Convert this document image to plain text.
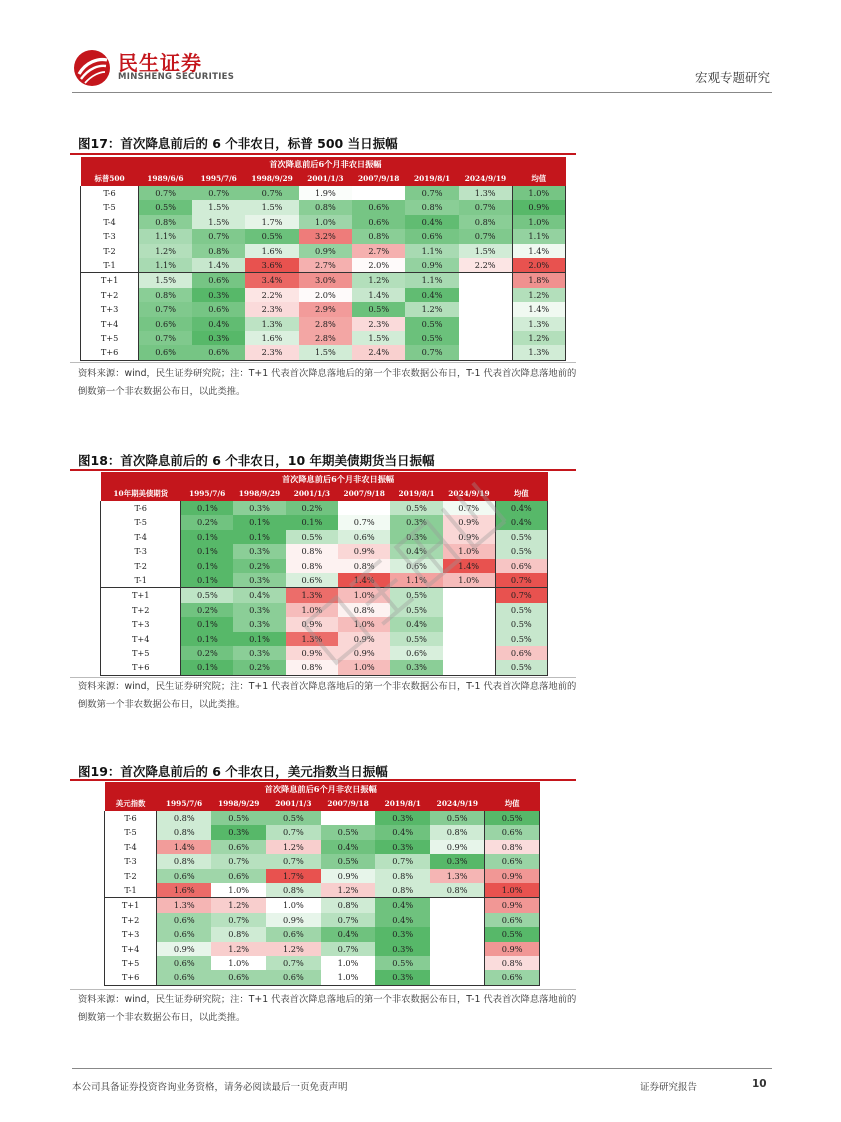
民生证券
MINSHENG SECURITIES	宏观专题研究
图17：首次降息前后的 6 个非农日，标普 500 当日振幅
	首次降息前后6个月非农日振幅							
标普500	1989/6/6	1995/7/6	1998/9/29	2001/1/3	2007/9/18	2019/8/1	2024/9/19	均值
T-6	0.7%	0.7%	0.7%	1.9%		0.7%	1.3%	1.0%
T-5	0.5%	1.5%	1.5%	0.8%	0.6%	0.8%	0.7%	0.9%
T-4	0.8%	1.5%	1.7%	1.0%	0.6%	0.4%	0.8%	1.0%
T-3	1.1%	0.7%	0.5%	3.2%	0.8%	0.6%	0.7%	1.1%
T-2	1.2%	0.8%	1.6%	0.9%	2.7%	1.1%	1.5%	1.4%
T-1	1.1%	1.4%	3.6%	2.7%	2.0%	0.9%	2.2%	2.0%
T+1	1.5%	0.6%	3.4%	3.0%	1.2%	1.1%		1.8%
T+2	0.8%	0.3%	2.2%	2.0%	1.4%	0.4%		1.2%
T+3	0.7%	0.6%	2.3%	2.9%	0.5%	1.2%		1.4%
T+4	0.6%	0.4%	1.3%	2.8%	2.3%	0.5%		1.3%
T+5	0.7%	0.3%	1.6%	2.8%	1.5%	0.5%		1.2%
T+6	0.6%	0.6%	2.3%	1.5%	2.4%	0.7%		1.3%
资料来源：wind，民生证券研究院；注：T+1 代表首次降息落地后的第一个非农数据公布日，T-1 代表首次降息落地前的倒数第一个非农数据公布日，以此类推。
图18：首次降息前后的 6 个非农日，10 年期美债期货当日振幅
	首次降息前后6个月非农日振幅						
10年期美债期货	1995/7/6	1998/9/29	2001/1/3	2007/9/18	2019/8/1	2024/9/19	均值
T-6	0.1%	0.3%	0.2%		0.5%	0.7%	0.4%
T-5	0.2%	0.1%	0.1%	0.7%	0.3%	0.9%	0.4%
T-4	0.1%	0.1%	0.5%	0.6%	0.3%	0.9%	0.5%
T-3	0.1%	0.3%	0.8%	0.9%	0.4%	1.0%	0.5%
T-2	0.1%	0.2%	0.8%	0.8%	0.6%	1.4%	0.6%
T-1	0.1%	0.3%	0.6%	1.4%	1.1%	1.0%	0.7%
T+1	0.5%	0.4%	1.3%	1.0%	0.5%		0.7%
T+2	0.2%	0.3%	1.0%	0.8%	0.5%		0.5%
T+3	0.1%	0.3%	0.9%	1.0%	0.4%		0.5%
T+4	0.1%	0.1%	1.3%	0.9%	0.5%		0.5%
T+5	0.2%	0.3%	0.9%	0.9%	0.6%		0.6%
T+6	0.1%	0.2%	0.8%	1.0%	0.3%		0.5%
资料来源：wind，民生证券研究院；注：T+1 代表首次降息落地后的第一个非农数据公布日，T-1 代表首次降息落地前的倒数第一个非农数据公布日，以此类推。
图19：首次降息前后的 6 个非农日，美元指数当日振幅
	首次降息前后6个月非农日振幅						
美元指数	1995/7/6	1998/9/29	2001/1/3	2007/9/18	2019/8/1	2024/9/19	均值
T-6	0.8%	0.5%	0.5%		0.3%	0.5%	0.5%
T-5	0.8%	0.3%	0.7%	0.5%	0.4%	0.8%	0.6%
T-4	1.4%	0.6%	1.2%	0.4%	0.3%	0.9%	0.8%
T-3	0.8%	0.7%	0.7%	0.5%	0.7%	0.3%	0.6%
T-2	0.6%	0.6%	1.7%	0.9%	0.8%	1.3%	0.9%
T-1	1.6%	1.0%	0.8%	1.2%	0.8%	0.8%	1.0%
T+1	1.3%	1.2%	1.0%	0.8%	0.4%		0.9%
T+2	0.6%	0.7%	0.9%	0.7%	0.4%		0.6%
T+3	0.6%	0.8%	0.6%	0.4%	0.3%		0.5%
T+4	0.9%	1.2%	1.2%	0.7%	0.3%		0.9%
T+5	0.6%	1.0%	0.7%	1.0%	0.5%		0.8%
T+6	0.6%	0.6%	0.6%	1.0%	0.3%		0.6%
资料来源：wind，民生证券研究院；注：T+1 代表首次降息落地后的第一个非农数据公布日，T-1 代表首次降息落地前的倒数第一个非农数据公布日，以此类推。
本公司具备证券投资咨询业务资格，请务必阅读最后一页免责声明	证券研究报告	10
